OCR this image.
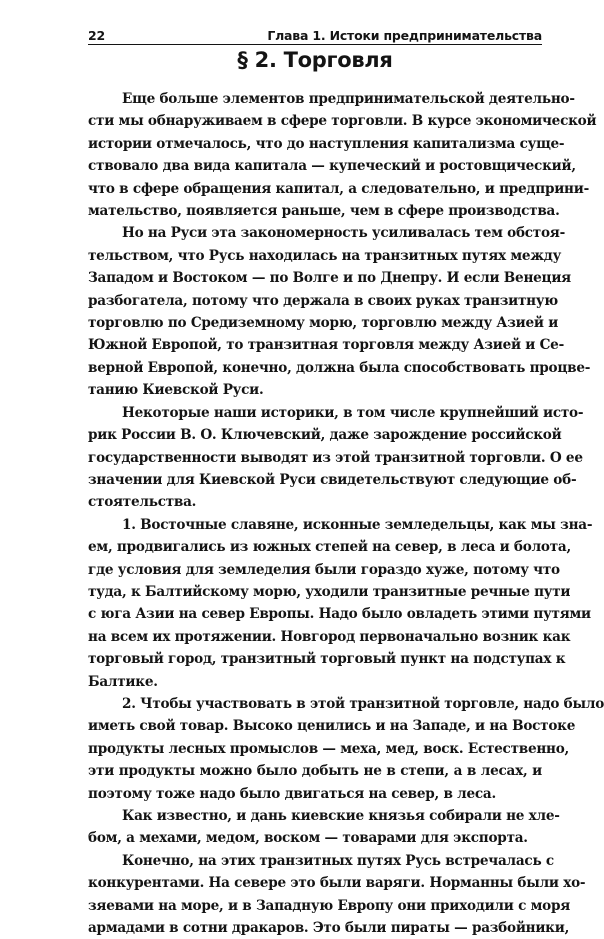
22	Глава 1. Истоки предпринимательства
§ 2. Торговля
Еще больше элементов предпринимательской деятельно-
сти мы обнаруживаем в сфере торговли. В курсе экономической
истории отмечалось, что до наступления капитализма суще-
ствовало два вида капитала — купеческий и ростовщический,
что в сфере обращения капитал, а следовательно, и предприни-
мательство, появляется раньше, чем в сфере производства.
Но на Руси эта закономерность усиливалась тем обстоя-
тельством, что Русь находилась на транзитных путях между
Западом и Востоком — по Волге и по Днепру. И если Венеция
разбогатела, потому что держала в своих руках транзитную
торговлю по Средиземному морю, торговлю между Азией и
Южной Европой, то транзитная торговля между Азией и Се-
верной Европой, конечно, должна была способствовать процве-
танию Киевской Руси.
Некоторые наши историки, в том числе крупнейший исто-
рик России В. О. Ключевский, даже зарождение российской
государственности выводят из этой транзитной торговли. О ее
значении для Киевской Руси свидетельствуют следующие об-
стоятельства.
1. Восточные славяне, исконные земледельцы, как мы зна-
ем, продвигались из южных степей на север, в леса и болота,
где условия для земледелия были гораздо хуже, потому что
туда, к Балтийскому морю, уходили транзитные речные пути
с юга Азии на север Европы. Надо было овладеть этими путями
на всем их протяжении. Новгород первоначально возник как
торговый город, транзитный торговый пункт на подступах к
Балтике.
2. Чтобы участвовать в этой транзитной торговле, надо было
иметь свой товар. Высоко ценились и на Западе, и на Востоке
продукты лесных промыслов — меха, мед, воск. Естественно,
эти продукты можно было добыть не в степи, а в лесах, и
поэтому тоже надо было двигаться на север, в леса.
Как известно, и дань киевские князья собирали не хле-
бом, а мехами, медом, воском — товарами для экспорта.
Конечно, на этих транзитных путях Русь встречалась с
конкурентами. На севере это были варяги. Норманны были хо-
зяевами на море, и в Западную Европу они приходили с моря
армадами в сотни дракаров. Это были пираты — разбойники,
